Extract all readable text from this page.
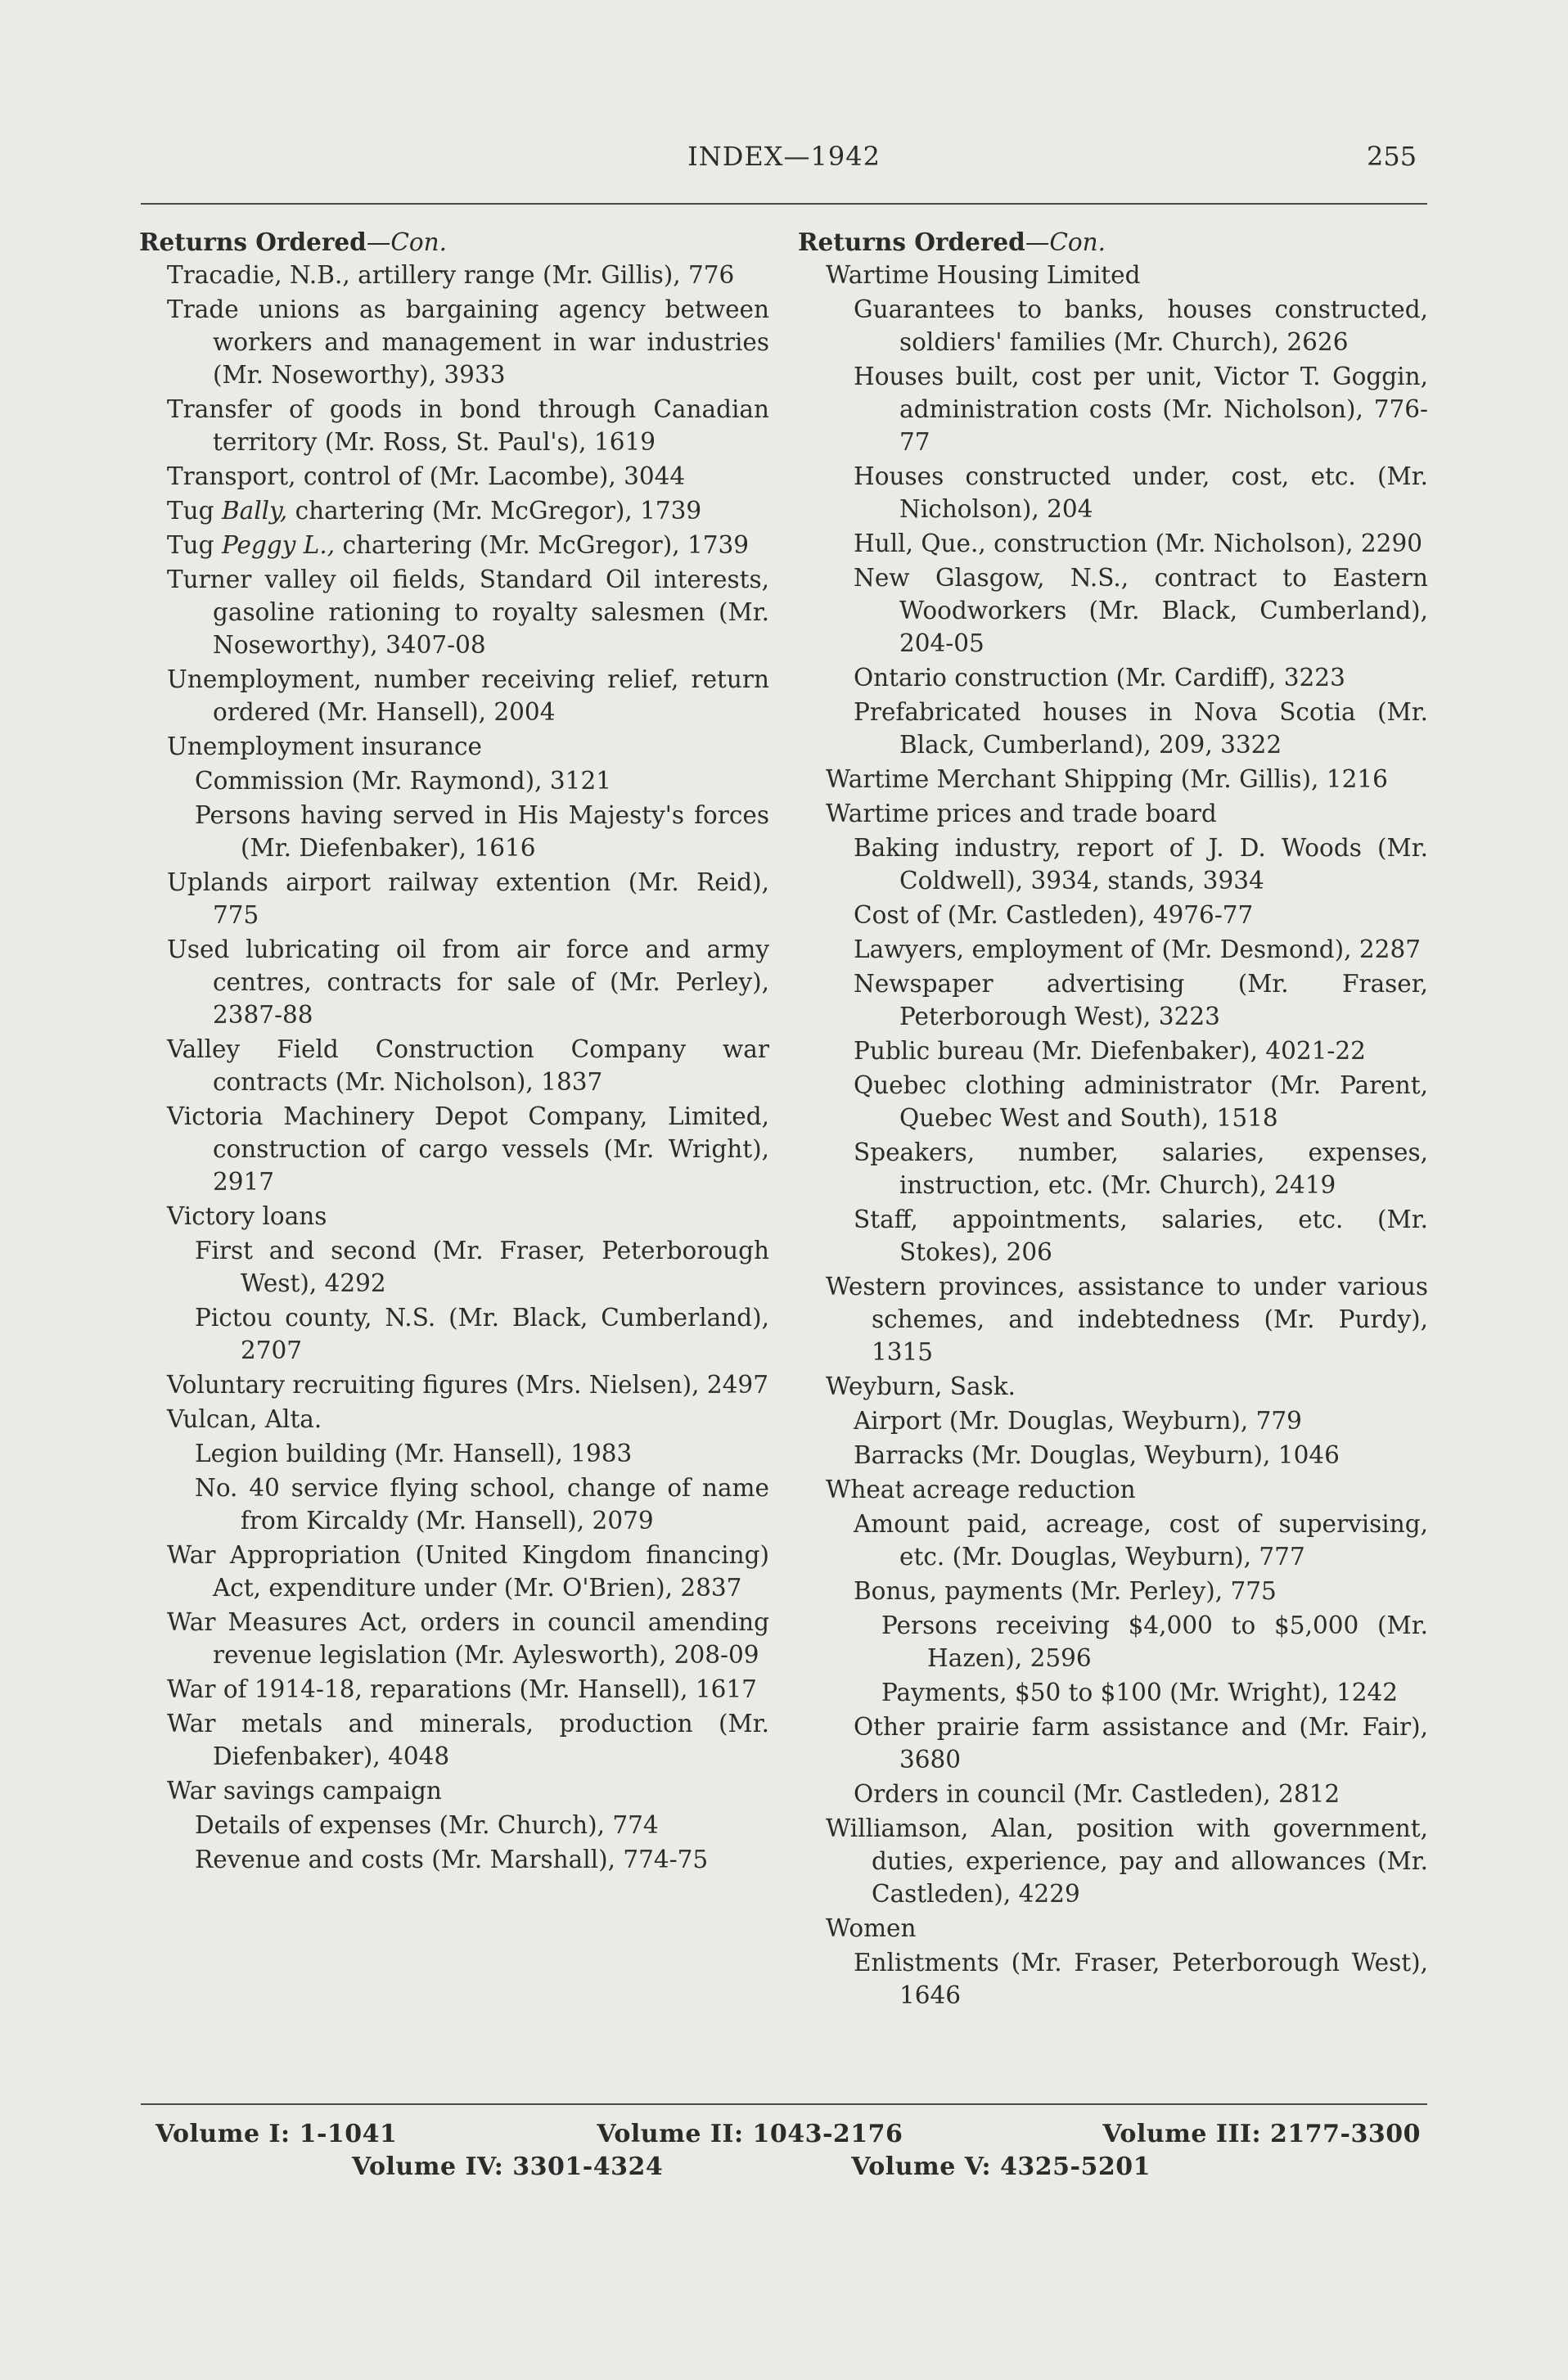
INDEX—1942	255
Returns Ordered—Con.
Tracadie, N.B., artillery range (Mr. Gillis), 776
Trade unions as bargaining agency between workers and management in war industries (Mr. Noseworthy), 3933
Transfer of goods in bond through Canadian territory (Mr. Ross, St. Paul's), 1619
Transport, control of (Mr. Lacombe), 3044
Tug Bally, chartering (Mr. McGregor), 1739
Tug Peggy L., chartering (Mr. McGregor), 1739
Turner valley oil fields, Standard Oil interests, gasoline rationing to royalty salesmen (Mr. Noseworthy), 3407-08
Unemployment, number receiving relief, return ordered (Mr. Hansell), 2004
Unemployment insurance
Commission (Mr. Raymond), 3121
Persons having served in His Majesty's forces (Mr. Diefenbaker), 1616
Uplands airport railway extention (Mr. Reid), 775
Used lubricating oil from air force and army centres, contracts for sale of (Mr. Perley), 2387-88
Valley Field Construction Company war contracts (Mr. Nicholson), 1837
Victoria Machinery Depot Company, Limited, construction of cargo vessels (Mr. Wright), 2917
Victory loans
First and second (Mr. Fraser, Peterborough West), 4292
Pictou county, N.S. (Mr. Black, Cumberland), 2707
Voluntary recruiting figures (Mrs. Nielsen), 2497
Vulcan, Alta.
Legion building (Mr. Hansell), 1983
No. 40 service flying school, change of name from Kircaldy (Mr. Hansell), 2079
War Appropriation (United Kingdom financing) Act, expenditure under (Mr. O'Brien), 2837
War Measures Act, orders in council amending revenue legislation (Mr. Aylesworth), 208-09
War of 1914-18, reparations (Mr. Hansell), 1617
War metals and minerals, production (Mr. Diefenbaker), 4048
War savings campaign
Details of expenses (Mr. Church), 774
Revenue and costs (Mr. Marshall), 774-75
Returns Ordered—Con.
Wartime Housing Limited
Guarantees to banks, houses constructed, soldiers' families (Mr. Church), 2626
Houses built, cost per unit, Victor T. Goggin, administration costs (Mr. Nicholson), 776-77
Houses constructed under, cost, etc. (Mr. Nicholson), 204
Hull, Que., construction (Mr. Nicholson), 2290
New Glasgow, N.S., contract to Eastern Woodworkers (Mr. Black, Cumberland), 204-05
Ontario construction (Mr. Cardiff), 3223
Prefabricated houses in Nova Scotia (Mr. Black, Cumberland), 209, 3322
Wartime Merchant Shipping (Mr. Gillis), 1216
Wartime prices and trade board
Baking industry, report of J. D. Woods (Mr. Coldwell), 3934, stands, 3934
Cost of (Mr. Castleden), 4976-77
Lawyers, employment of (Mr. Desmond), 2287
Newspaper advertising (Mr. Fraser, Peterborough West), 3223
Public bureau (Mr. Diefenbaker), 4021-22
Quebec clothing administrator (Mr. Parent, Quebec West and South), 1518
Speakers, number, salaries, expenses, instruction, etc. (Mr. Church), 2419
Staff, appointments, salaries, etc. (Mr. Stokes), 206
Western provinces, assistance to under various schemes, and indebtedness (Mr. Purdy), 1315
Weyburn, Sask.
Airport (Mr. Douglas, Weyburn), 779
Barracks (Mr. Douglas, Weyburn), 1046
Wheat acreage reduction
Amount paid, acreage, cost of supervising, etc. (Mr. Douglas, Weyburn), 777
Bonus, payments (Mr. Perley), 775
Persons receiving $4,000 to $5,000 (Mr. Hazen), 2596
Payments, $50 to $100 (Mr. Wright), 1242
Other prairie farm assistance and (Mr. Fair), 3680
Orders in council (Mr. Castleden), 2812
Williamson, Alan, position with government, duties, experience, pay and allowances (Mr. Castleden), 4229
Women
Enlistments (Mr. Fraser, Peterborough West), 1646
Volume I: 1-1041	Volume II: 1043-2176	Volume III: 2177-3300
Volume IV: 3301-4324	Volume V: 4325-5201
